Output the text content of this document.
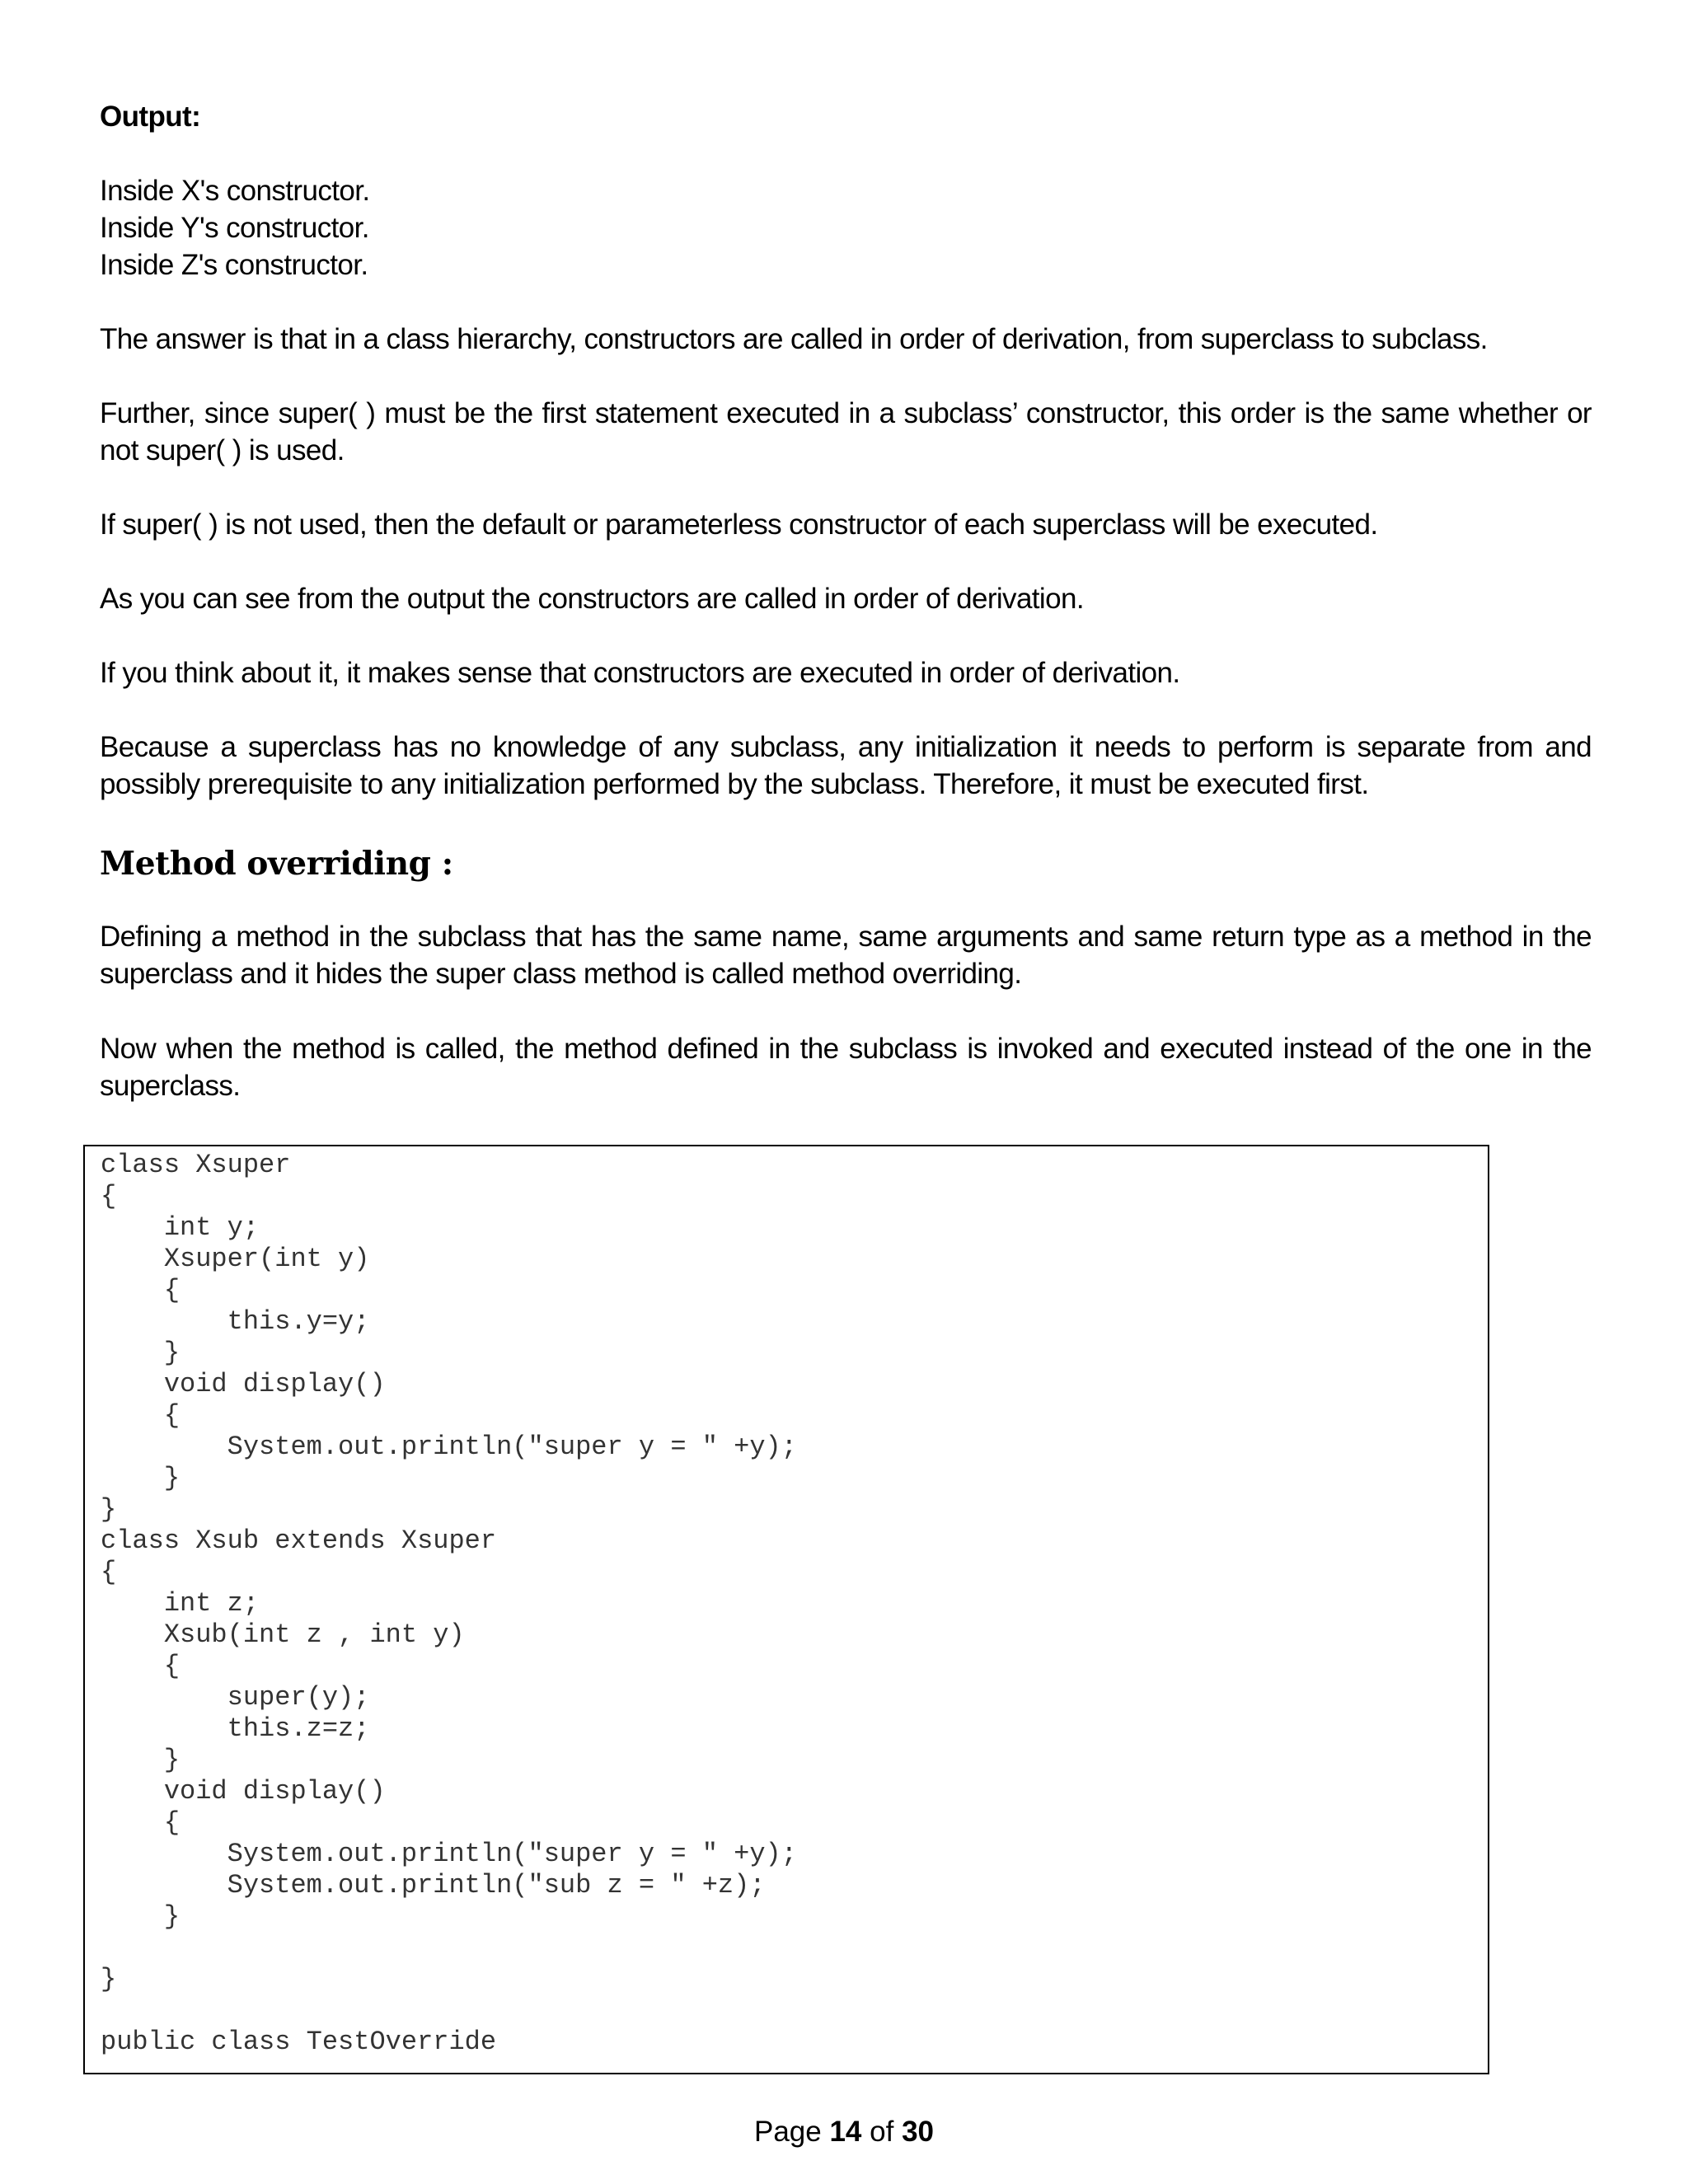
Output:
Inside X's constructor.
Inside Y's constructor.
Inside Z's constructor.
The answer is that in a class hierarchy, constructors are called in order of derivation, from superclass to subclass.
Further, since super( ) must be the first statement executed in a subclass’ constructor, this order is the same whether or not super( ) is used.
If super( ) is not used, then the default or parameterless constructor of each superclass will be executed.
As you can see from the output the constructors are called in order of derivation.
If you think about it, it makes sense that constructors are executed in order of derivation.
Because a superclass has no knowledge of any subclass, any initialization it needs to perform is separate from and possibly prerequisite to any initialization performed by the subclass. Therefore, it must be executed first.
Method overriding :
Defining a method in the subclass that has the same name, same arguments and same return type as a method in the superclass and it hides the super class method is called method overriding.
Now when the method is called, the method defined in the subclass is invoked and executed instead of the one in the superclass.
class Xsuper
{
int y;
Xsuper(int y)
{
this.y=y;
}
void display()
{
System.out.println("super y = " +y);
}
}
class Xsub extends Xsuper
{
int z;
Xsub(int z , int y)
{
super(y);
this.z=z;
}
void display()
{
System.out.println("super y = " +y);
System.out.println("sub z = " +z);
}
}
public class TestOverride
Page 14 of 30
